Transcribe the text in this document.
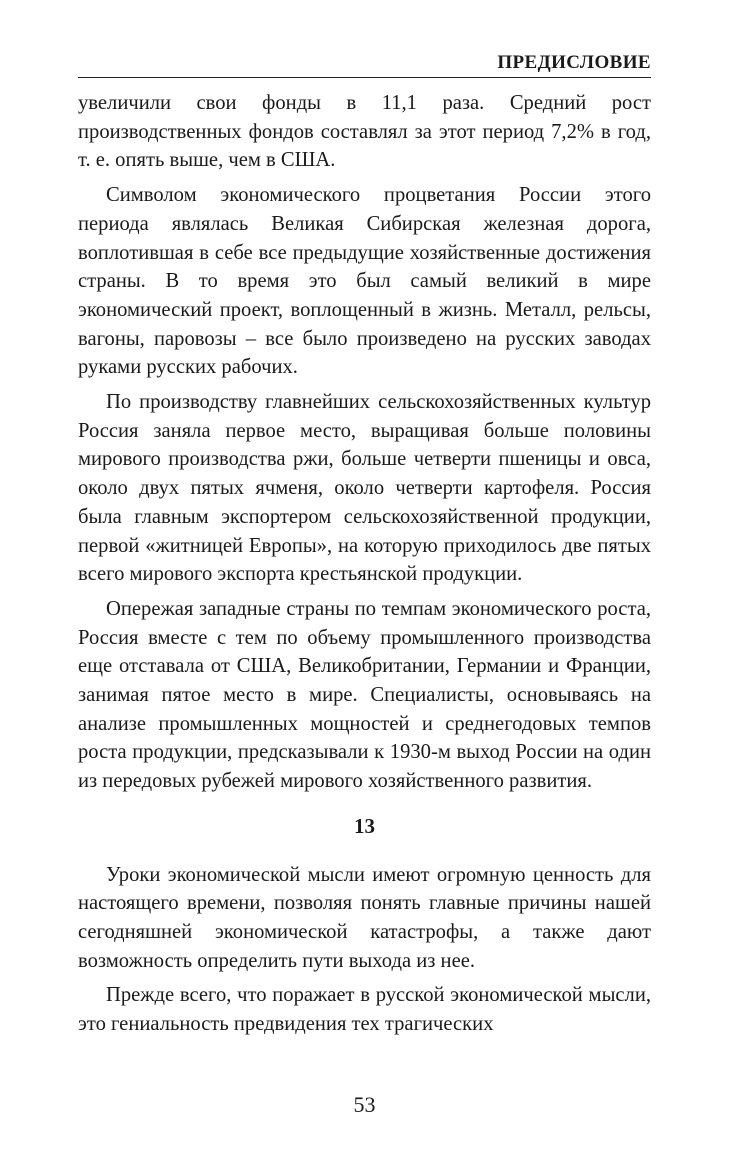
ПРЕДИСЛОВИЕ

увеличили свои фонды в 11,1 раза. Средний рост производственных фондов составлял за этот период 7,2% в год, т. е. опять выше, чем в США.

Символом экономического процветания России этого периода являлась Великая Сибирская железная дорога, воплотившая в себе все предыдущие хозяйственные достижения страны. В то время это был самый великий в мире экономический проект, воплощенный в жизнь. Металл, рельсы, вагоны, паровозы – все было произведено на русских заводах руками русских рабочих.

По производству главнейших сельскохозяйственных культур Россия заняла первое место, выращивая больше половины мирового производства ржи, больше четверти пшеницы и овса, около двух пятых ячменя, около четверти картофеля. Россия была главным экспортером сельскохозяйственной продукции, первой «житницей Европы», на которую приходилось две пятых всего мирового экспорта крестьянской продукции.

Опережая западные страны по темпам экономического роста, Россия вместе с тем по объему промышленного производства еще отставала от США, Великобритании, Германии и Франции, занимая пятое место в мире. Специалисты, основываясь на анализе промышленных мощностей и среднегодовых темпов роста продукции, предсказывали к 1930-м выход России на один из передовых рубежей мирового хозяйственного развития.

13

Уроки экономической мысли имеют огромную ценность для настоящего времени, позволяя понять главные причины нашей сегодняшней экономической катастрофы, а также дают возможность определить пути выхода из нее.

Прежде всего, что поражает в русской экономической мысли, это гениальность предвидения тех трагических

53
